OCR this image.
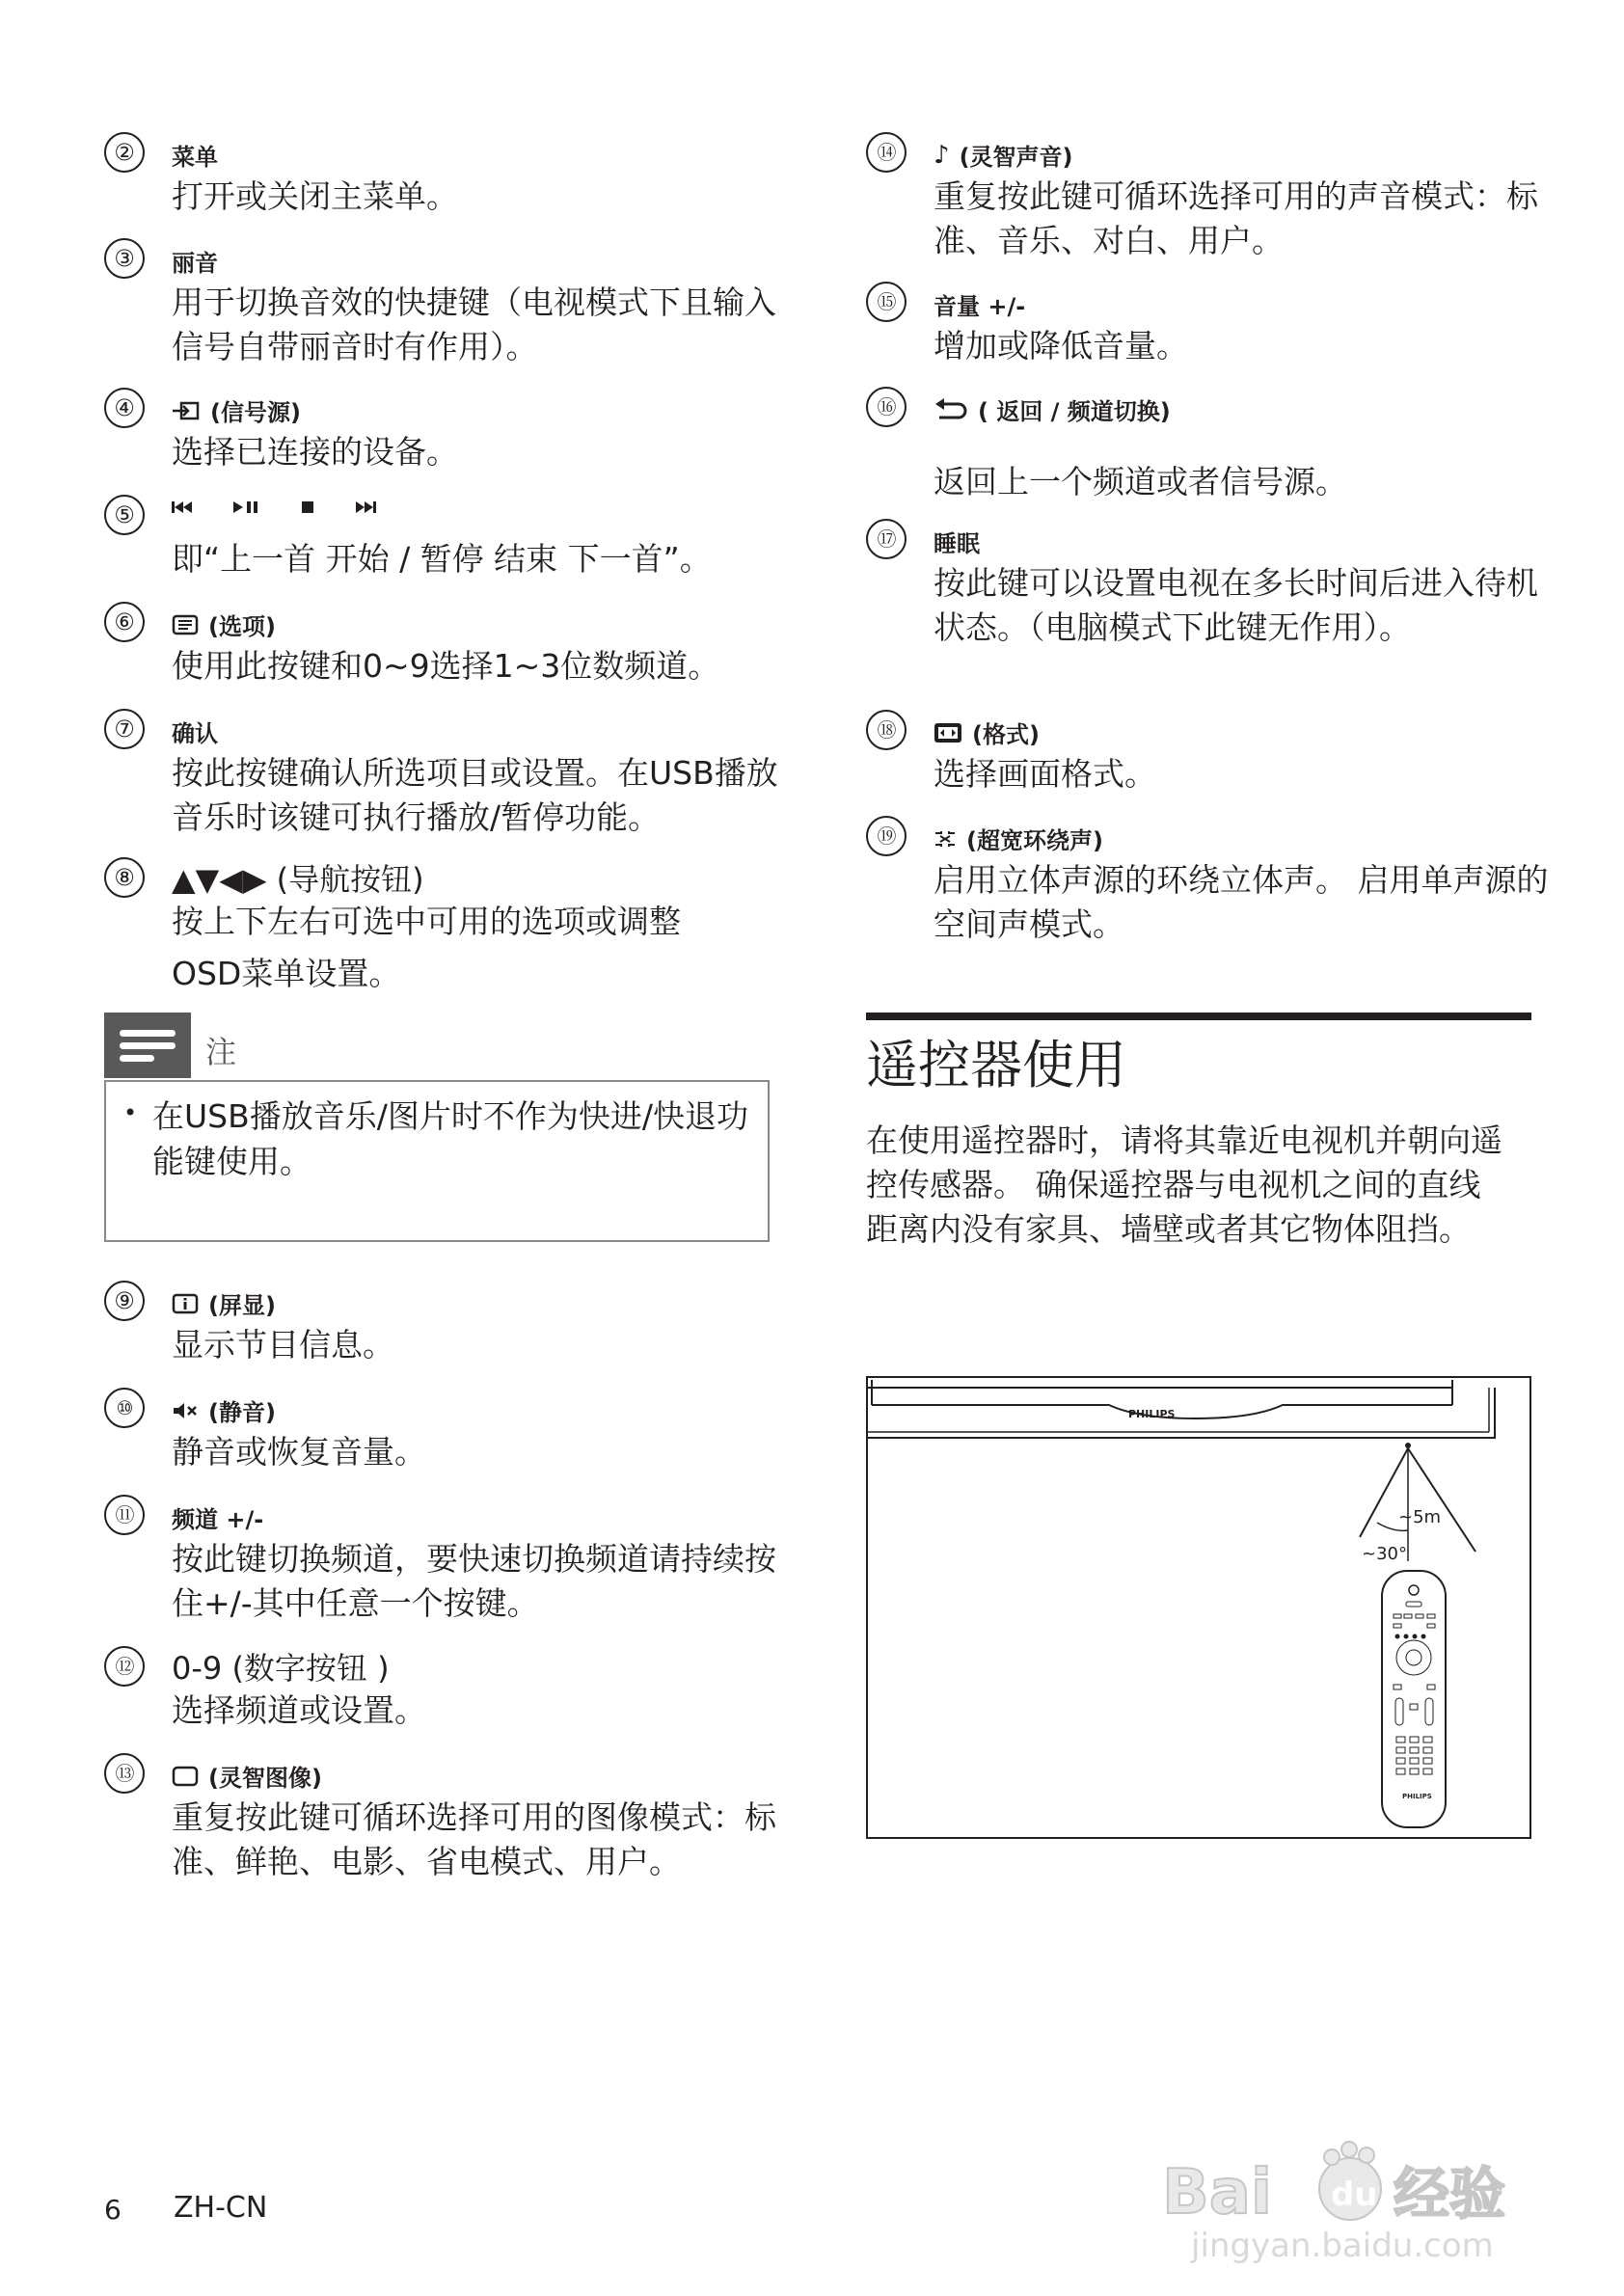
②	菜单
打开或关闭主菜单。
③	丽音
用于切换音效的快捷键（电视模式下且输入信号自带丽音时有作用）。
④	(信号源)
选择已连接的设备。
⑤
即“上一首 开始 / 暂停 结束 下一首”。
⑥	(选项)
使用此按键和0~9选择1~3位数频道。
⑦	确认
按此按键确认所选项目或设置。在USB播放音乐时该键可执行播放/暂停功能。
⑧	▲▼◀▶ (导航按钮)
按上下左右可选中可用的选项或调整
OSD菜单设置。
注
• 在USB播放音乐/图片时不作为快进/快退功能键使用。
⑨	(屏显)
显示节目信息。
⑩	(静音)
静音或恢复音量。
⑪	频道 +/-
按此键切换频道，要快速切换频道请持续按住+/-其中任意一个按键。
⑫	0-9 (数字按钮 )
选择频道或设置。
⑬	(灵智图像)
重复按此键可循环选择可用的图像模式：标准、鲜艳、电影、省电模式、用户。
⑭	♪ (灵智声音)
重复按此键可循环选择可用的声音模式：标准、音乐、对白、用户。
⑮	音量 +/-
增加或降低音量。
⑯	( 返回 / 频道切换)
返回上一个频道或者信号源。
⑰	睡眠
按此键可以设置电视在多长时间后进入待机状态。（电脑模式下此键无作用）。
⑱	(格式)
选择画面格式。
⑲	(超宽环绕声)
启用立体声源的环绕立体声。 启用单声源的空间声模式。
遥控器使用
在使用遥控器时，请将其靠近电视机并朝向遥控传感器。 确保遥控器与电视机之间的直线距离内没有家具、墙壁或者其它物体阻挡。
PHILIPS
~5m
~30°
PHILIPS
6 ZH-CN	Bai du 经验
jingyan.baidu.com
